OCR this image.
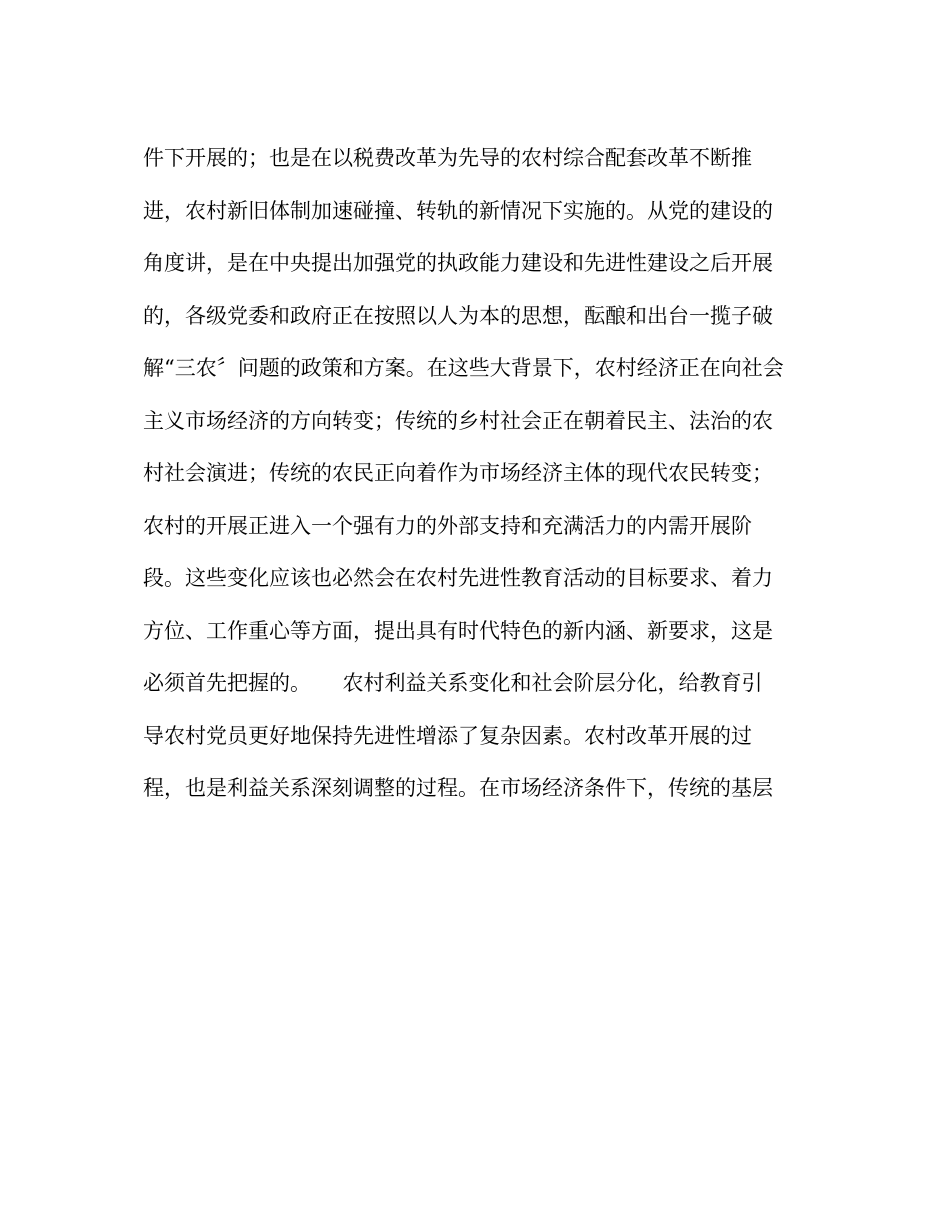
件下开展的；也是在以税费改革为先导的农村综合配套改革不断推
进，农村新旧体制加速碰撞、转轨的新情况下实施的。从党的建设的
角度讲，是在中央提出加强党的执政能力建设和先进性建设之后开展
的，各级党委和政府正在按照以人为本的思想，酝酿和出台一揽子破
解“三农〞问题的政策和方案。在这些大背景下，农村经济正在向社会
主义市场经济的方向转变；传统的乡村社会正在朝着民主、法治的农
村社会演进；传统的农民正向着作为市场经济主体的现代农民转变；
农村的开展正进入一个强有力的外部支持和充满活力的内需开展阶
段。这些变化应该也必然会在农村先进性教育活动的目标要求、着力
方位、工作重心等方面，提出具有时代特色的新内涵、新要求，这是
必须首先把握的。　　农村利益关系变化和社会阶层分化，给教育引
导农村党员更好地保持先进性增添了复杂因素。农村改革开展的过
程，也是利益关系深刻调整的过程。在市场经济条件下，传统的基层
